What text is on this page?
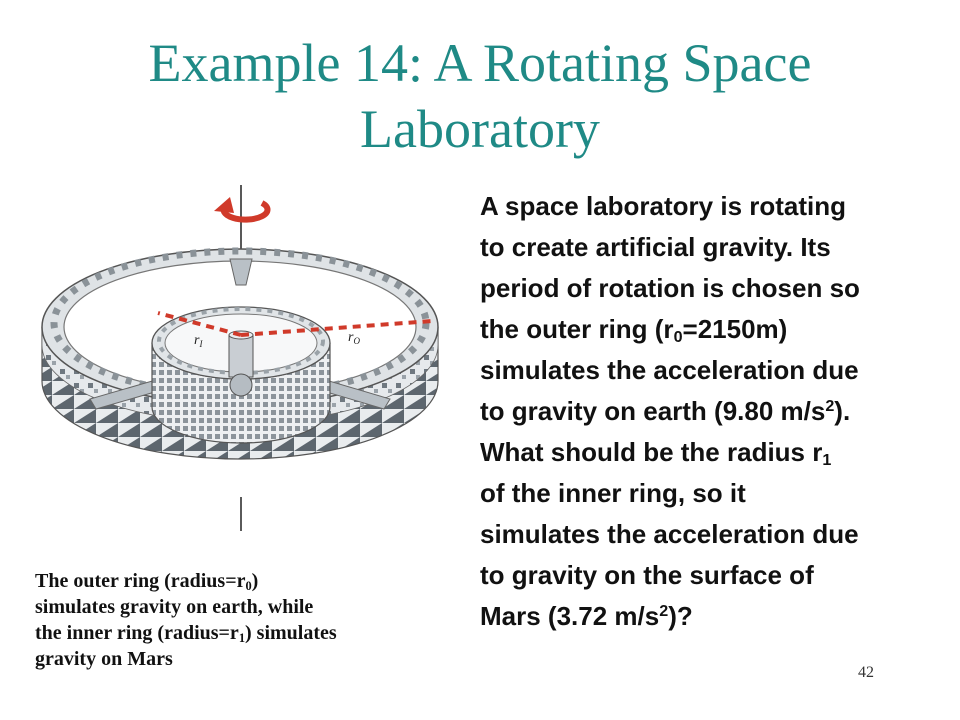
Example 14: A Rotating Space
Laboratory
$r_I$	$r_O$
A space laboratory is rotating
to create artificial gravity. Its
period of rotation is chosen so
the outer ring $(r_0=2150m)$
simulates the acceleration due
to gravity on earth (9.80 $m/s^2$).
What should be the radius $r_1$
of the inner ring, so it
simulates the acceleration due
to gravity on the surface of
Mars (3.72 $m/s^2$)?
The outer ring $(radius=r_0)$
simulates gravity on earth, while
the inner ring $(radius=r_1)$ simulates
gravity on Mars
42
